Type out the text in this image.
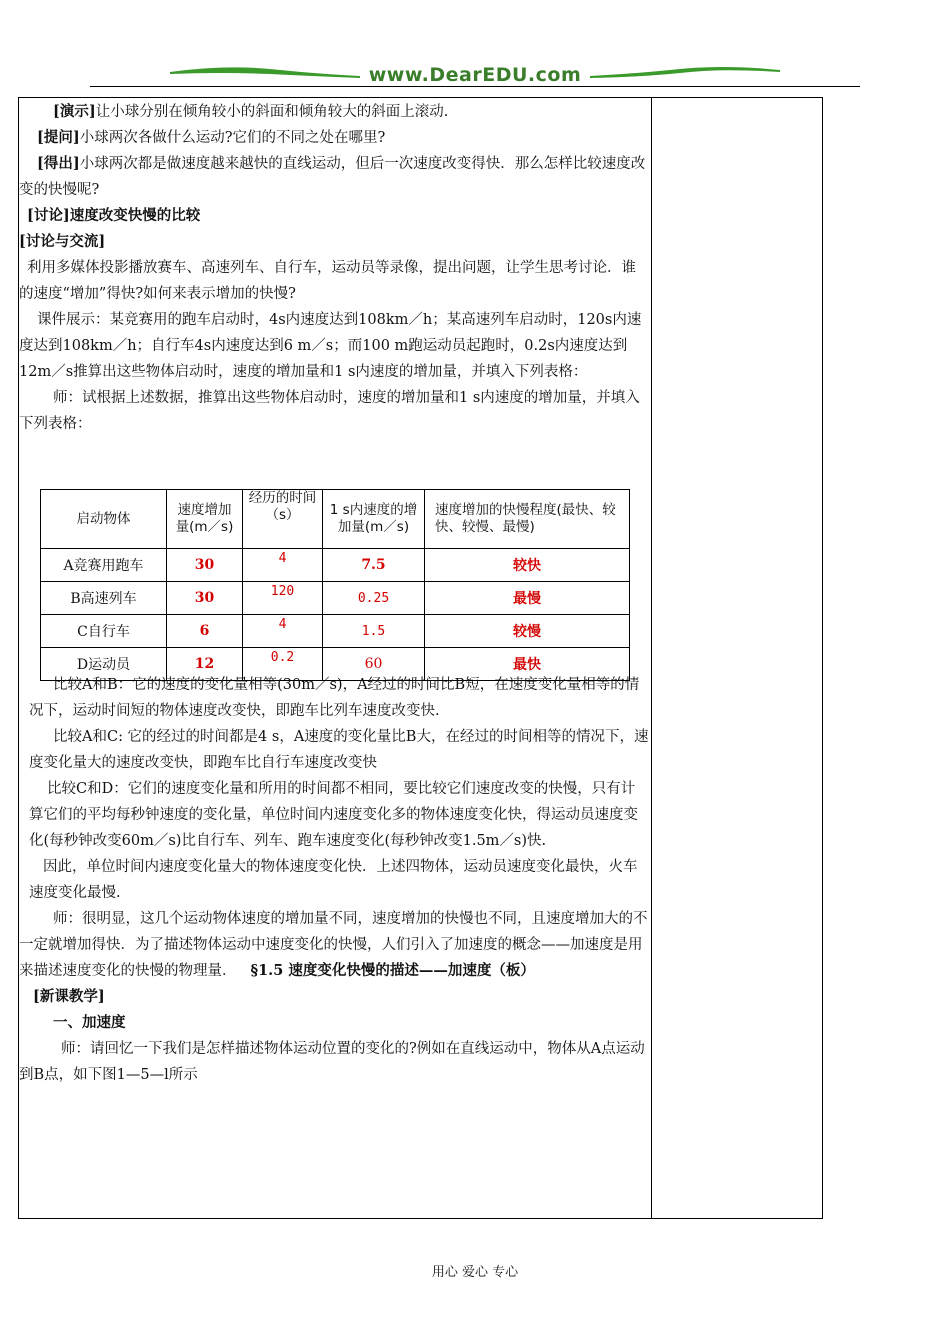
www.DearEDU.com

[演示]让小球分别在倾角较小的斜面和倾角较大的斜面上滚动.

[提问]小球两次各做什么运动?它们的不同之处在哪里?

[得出]小球两次都是做速度越来越快的直线运动，但后一次速度改变得快．那么怎样比较速度改变的快慢呢?

[讨论]速度改变快慢的比较

[讨论与交流]

利用多媒体投影播放赛车、高速列车、自行车，运动员等录像，提出问题，让学生思考讨论．谁的速度“增加”得快?如何来表示增加的快慢?

课件展示：某竞赛用的跑车启动时，4s内速度达到108km／h；某高速列车启动时，120s内速度达到108km／h；自行车4s内速度达到6 m／s；而100 m跑运动员起跑时，0.2s内速度达到12m／s推算出这些物体启动时，速度的增加量和1 s内速度的增加量，并填入下列表格：

师：试根据上述数据，推算出这些物体启动时，速度的增加量和1 s内速度的增加量，并填入下列表格：

启动物体	速度增加量(m／s)	经历的时间（s）	1 s内速度的增加量(m／s)	速度增加的快慢程度(最快、较快、较慢、最慢)
A竞赛用跑车	30	4	7.5	较快
B高速列车	30	120	0.25	最慢
C自行车	6	4	1.5	较慢
D运动员	12	0.2	60	最快

比较A和B：它的速度的变化量相等(30m／s)，A经过的时间比B短，在速度变化量相等的情况下，运动时间短的物体速度改变快，即跑车比列车速度改变快.

比较A和C: 它的经过的时间都是4 s，A速度的变化量比B大，在经过的时间相等的情况下，速度变化量大的速度改变快，即跑车比自行车速度改变快

比较C和D：它们的速度变化量和所用的时间都不相同，要比较它们速度改变的快慢，只有计算它们的平均每秒钟速度的变化量，单位时间内速度变化多的物体速度变化快，得运动员速度变化(每秒钟改变60m／s)比自行车、列车、跑车速度变化(每秒钟改变1.5m／s)快.

因此，单位时间内速度变化量大的物体速度变化快．上述四物体，运动员速度变化最快，火车速度变化最慢.

师：很明显，这几个运动物体速度的增加量不同，速度增加的快慢也不同，且速度增加大的不一定就增加得快．为了描述物体运动中速度变化的快慢，人们引入了加速度的概念——加速度是用来描述速度变化的快慢的物理量． §1.5 速度变化快慢的描述——加速度（板）

[新课教学]

一、加速度

师：请回忆一下我们是怎样描述物体运动位置的变化的?例如在直线运动中，物体从A点运动到B点，如下图1—5—l所示

用心 爱心 专心
